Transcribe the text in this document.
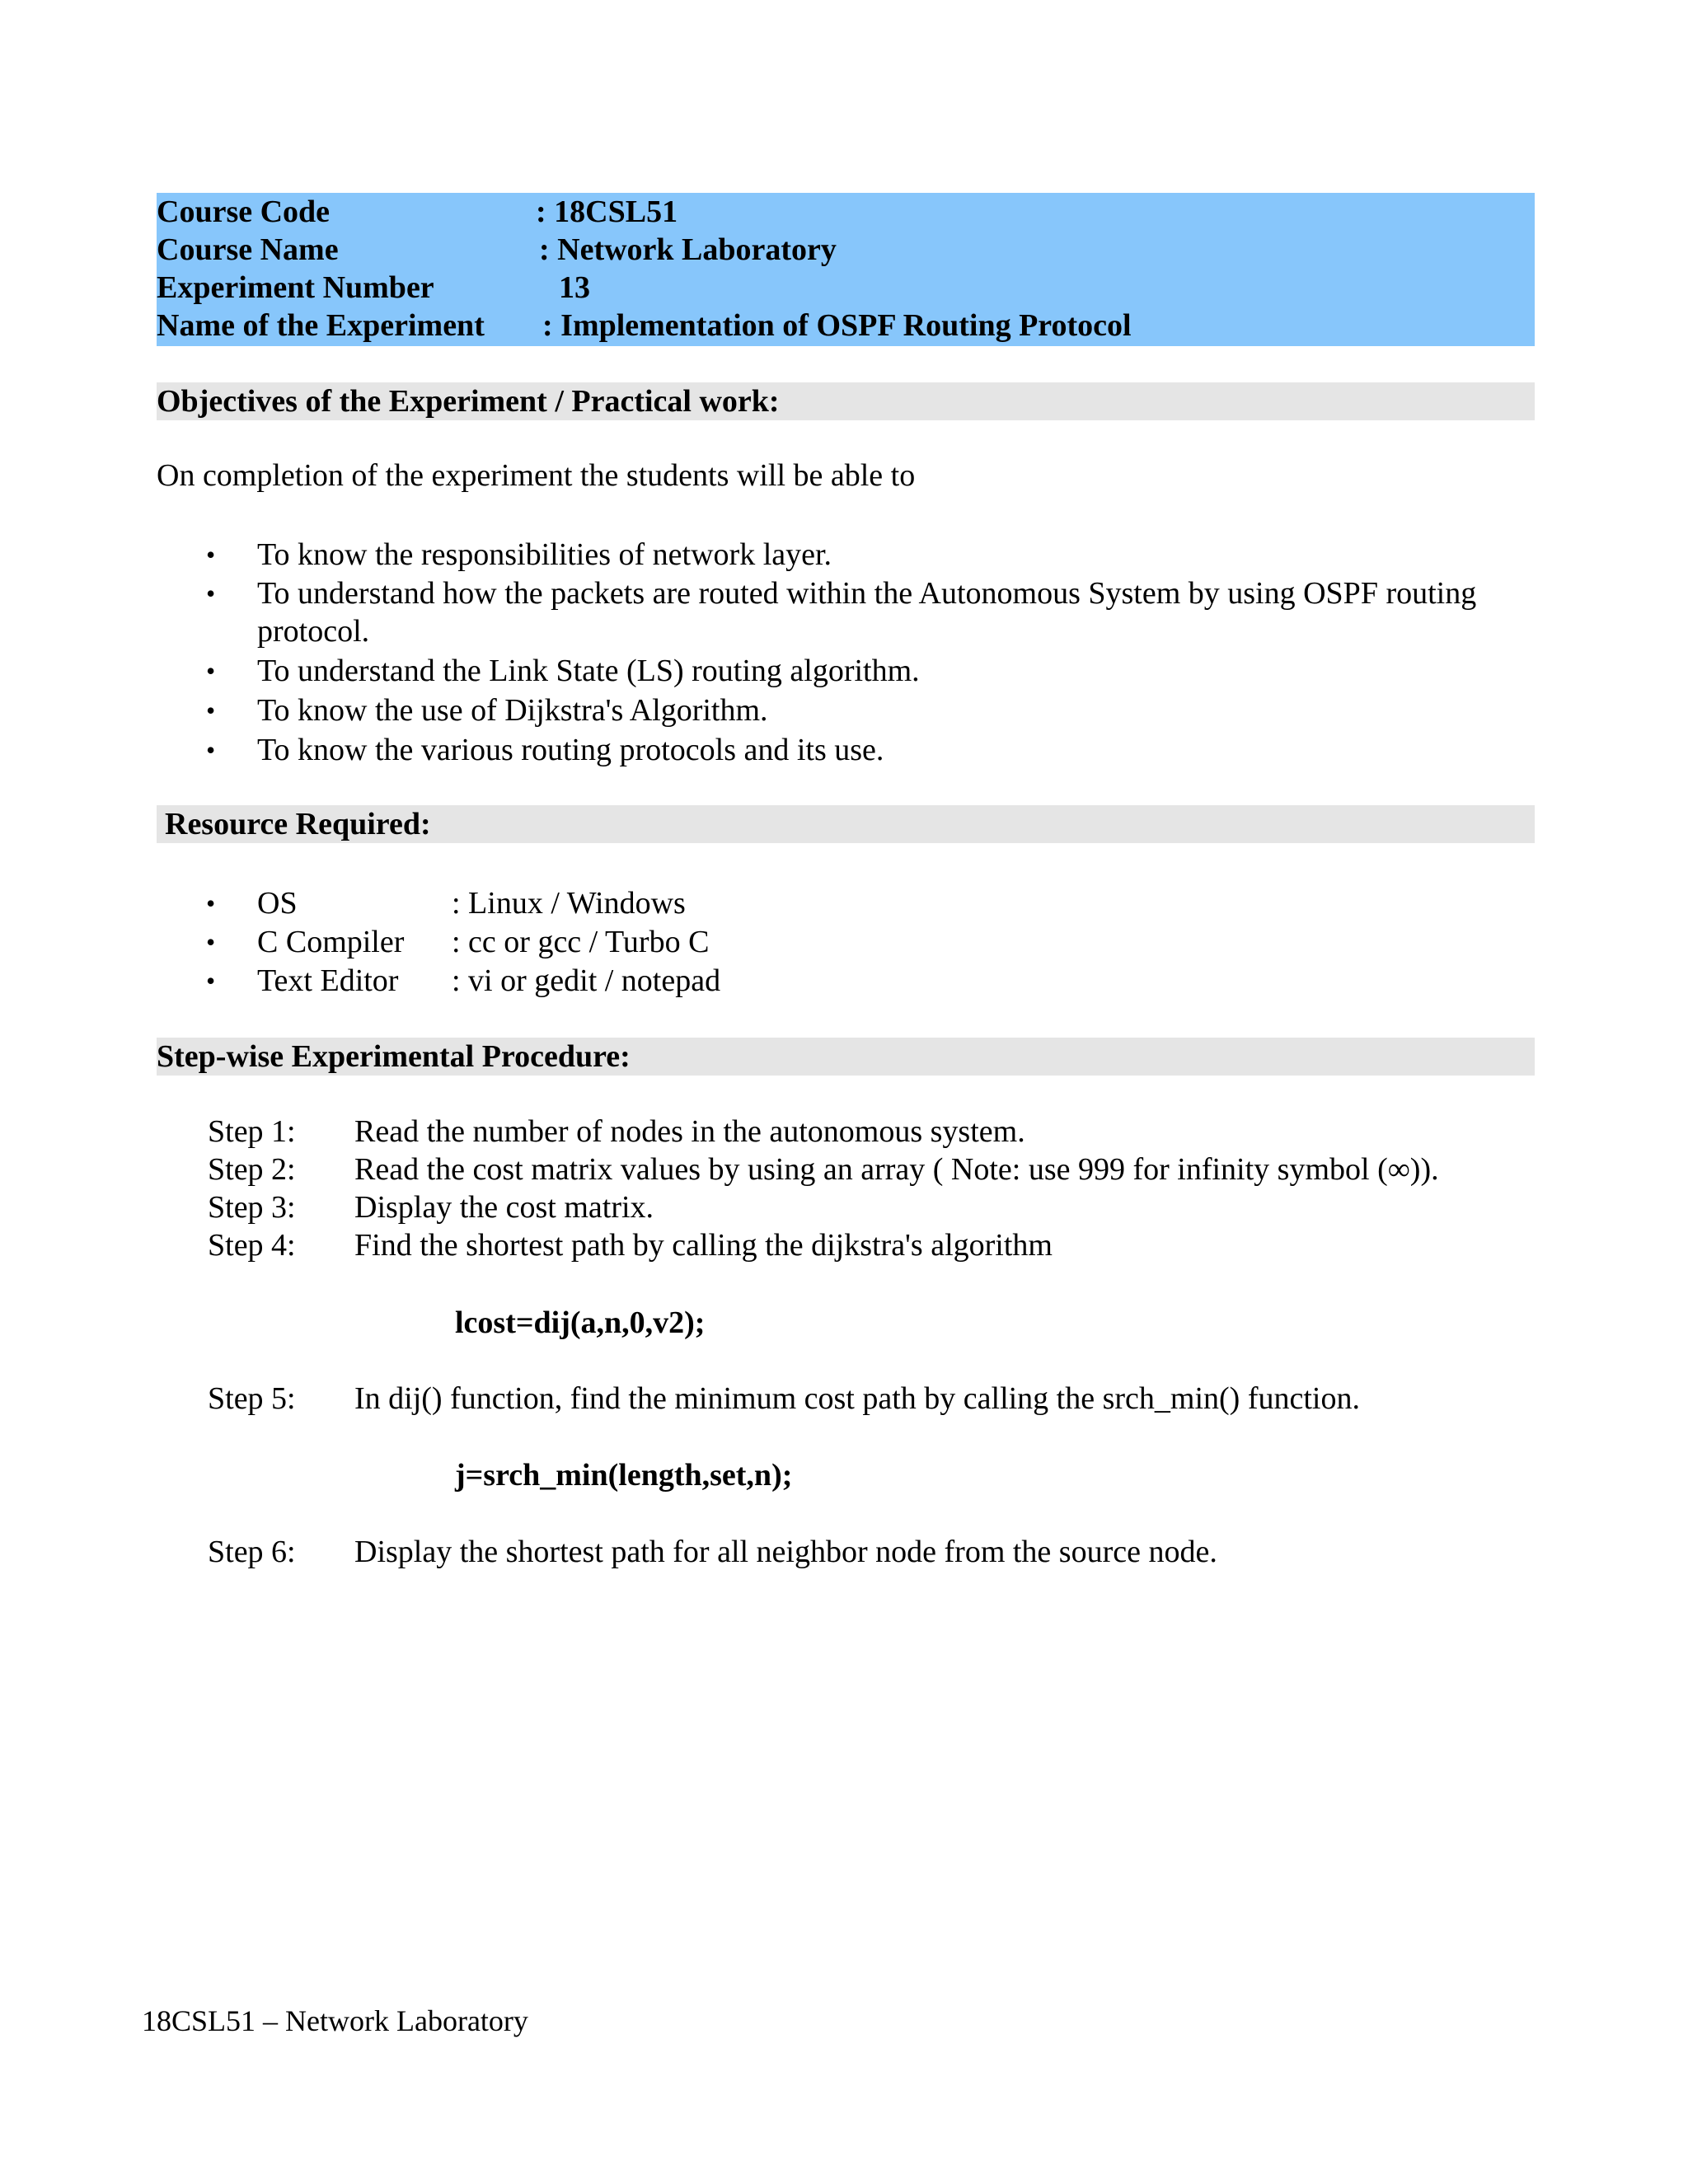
Course Code	: 18CSL51
Course Name	: Network Laboratory
Experiment Number	13
Name of the Experiment : Implementation of OSPF Routing Protocol
Objectives of the Experiment / Practical work:
On completion of the experiment the students will be able to
• To know the responsibilities of network layer.
• To understand how the packets are routed within the Autonomous System by using OSPF routing protocol.
• To understand the Link State (LS) routing algorithm.
• To know the use of Dijkstra's Algorithm.
• To know the various routing protocols and its use.
Resource Required:
• OS	: Linux / Windows
• C Compiler : cc or gcc / Turbo C
• Text Editor : vi or gedit / notepad
Step-wise Experimental Procedure:
Step 1: Read the number of nodes in the autonomous system.
Step 2: Read the cost matrix values by using an array ( Note: use 999 for infinity symbol (∞)).
Step 3: Display the cost matrix.
Step 4: Find the shortest path by calling the dijkstra's algorithm
lcost=dij(a,n,0,v2);
Step 5: In dij() function, find the minimum cost path by calling the srch_min() function.
j=srch_min(length,set,n);
Step 6: Display the shortest path for all neighbor node from the source node.
18CSL51 – Network Laboratory
